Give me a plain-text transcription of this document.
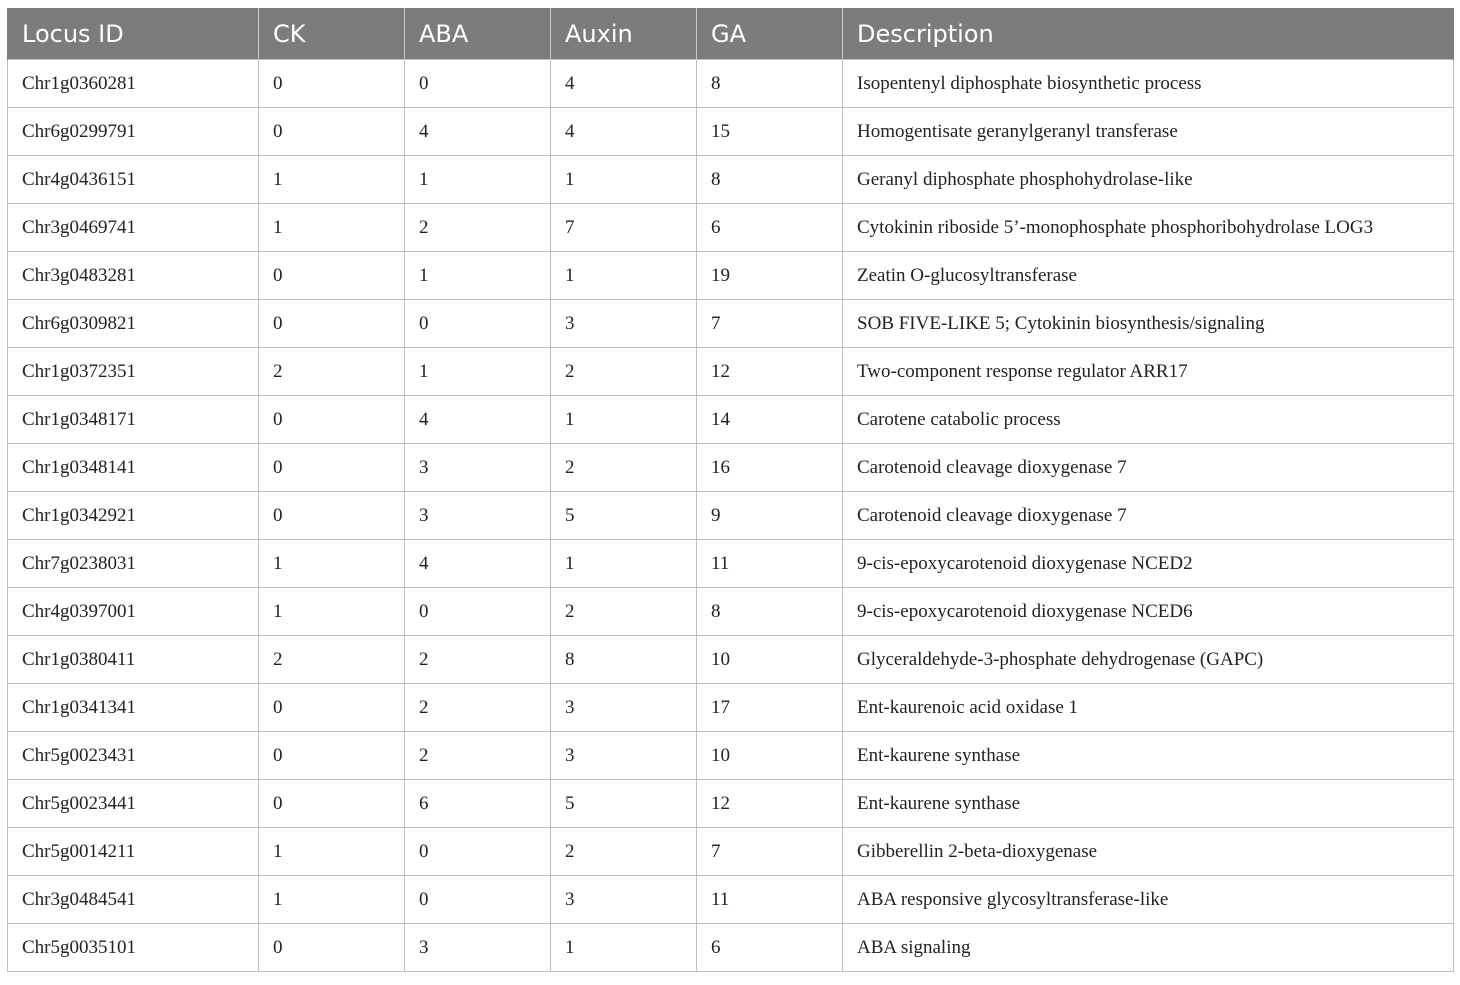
Locus ID	CK	ABA	Auxin	GA	Description
Chr1g0360281	0	0	4	8	Isopentenyl diphosphate biosynthetic process
Chr6g0299791	0	4	4	15	Homogentisate geranylgeranyl transferase
Chr4g0436151	1	1	1	8	Geranyl diphosphate phosphohydrolase-like
Chr3g0469741	1	2	7	6	Cytokinin riboside 5’-monophosphate phosphoribohydrolase LOG3
Chr3g0483281	0	1	1	19	Zeatin O-glucosyltransferase
Chr6g0309821	0	0	3	7	SOB FIVE-LIKE 5; Cytokinin biosynthesis/signaling
Chr1g0372351	2	1	2	12	Two-component response regulator ARR17
Chr1g0348171	0	4	1	14	Carotene catabolic process
Chr1g0348141	0	3	2	16	Carotenoid cleavage dioxygenase 7
Chr1g0342921	0	3	5	9	Carotenoid cleavage dioxygenase 7
Chr7g0238031	1	4	1	11	9-cis-epoxycarotenoid dioxygenase NCED2
Chr4g0397001	1	0	2	8	9-cis-epoxycarotenoid dioxygenase NCED6
Chr1g0380411	2	2	8	10	Glyceraldehyde-3-phosphate dehydrogenase (GAPC)
Chr1g0341341	0	2	3	17	Ent-kaurenoic acid oxidase 1
Chr5g0023431	0	2	3	10	Ent-kaurene synthase
Chr5g0023441	0	6	5	12	Ent-kaurene synthase
Chr5g0014211	1	0	2	7	Gibberellin 2-beta-dioxygenase
Chr3g0484541	1	0	3	11	ABA responsive glycosyltransferase-like
Chr5g0035101	0	3	1	6	ABA signaling
